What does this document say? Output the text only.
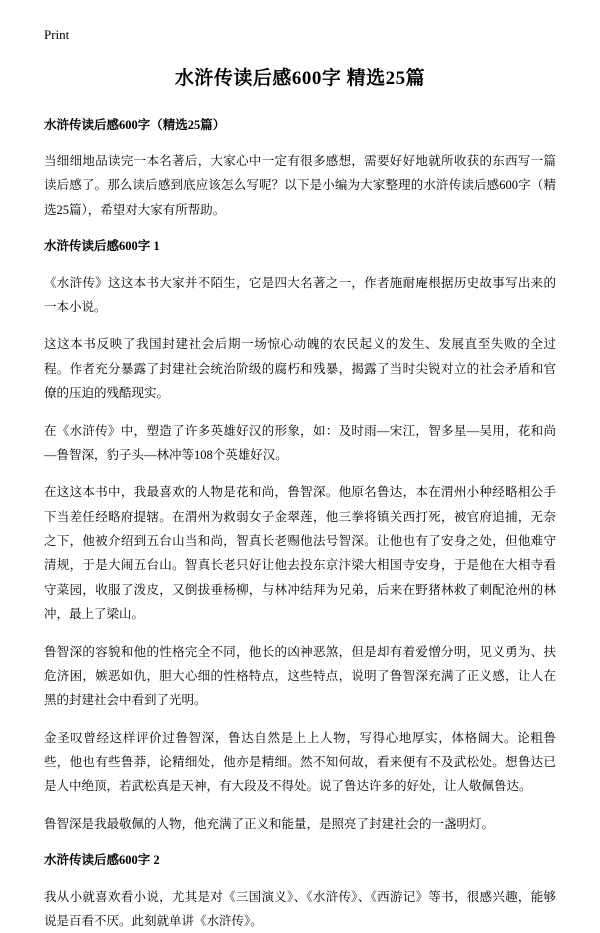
Print
水浒传读后感600字 精选25篇
水浒传读后感600字（精选25篇）

当细细地品读完一本名著后，大家心中一定有很多感想，需要好好地就所收获的东西写一篇读后感了。那么读后感到底应该怎么写呢？以下是小编为大家整理的水浒传读后感600字（精选25篇），希望对大家有所帮助。

水浒传读后感600字 1

《水浒传》这这本书大家并不陌生，它是四大名著之一，作者施耐庵根据历史故事写出来的一本小说。

这这本书反映了我国封建社会后期一场惊心动魄的农民起义的发生、发展直至失败的全过程。作者充分暴露了封建社会统治阶级的腐朽和残暴，揭露了当时尖锐对立的社会矛盾和官僚的压迫的残酷现实。

在《水浒传》中，塑造了许多英雄好汉的形象，如：及时雨—宋江，智多星—吴用，花和尚—鲁智深，豹子头—林冲等108个英雄好汉。

在这这本书中，我最喜欢的人物是花和尚，鲁智深。他原名鲁达，本在渭州小种经略相公手下当差任经略府提辖。在渭州为救弱女子金翠莲，他三拳将镇关西打死，被官府追捕，无奈之下，他被介绍到五台山当和尚，智真长老赐他法号智深。让他也有了安身之处，但他难守清规，于是大闹五台山。智真长老只好让他去投东京汴梁大相国寺安身，于是他在大相寺看守菜园，收服了泼皮，又倒拔垂杨柳，与林冲结拜为兄弟，后来在野猪林救了刺配沧州的林冲，最上了梁山。

鲁智深的容貌和他的性格完全不同，他长的凶神恶煞，但是却有着爱憎分明，见义勇为、扶危济困，嫉恶如仇，胆大心细的性格特点，这些特点，说明了鲁智深充满了正义感，让人在黑的封建社会中看到了光明。

金圣叹曾经这样评价过鲁智深，鲁达自然是上上人物，写得心地厚实，体格阔大。论粗鲁些，他也有些鲁莽，论精细处，他亦是精细。然不知何故，看来便有不及武松处。想鲁达已是人中绝顶，若武松真是天神，有大段及不得处。说了鲁达许多的好处，让人敬佩鲁达。

鲁智深是我最敬佩的人物，他充满了正义和能量，是照亮了封建社会的一盏明灯。

水浒传读后感600字 2

我从小就喜欢看小说，尤其是对《三国演义》、《水浒传》、《西游记》等书，很感兴趣，能够说是百看不厌。此刻就单讲《水浒传》。
